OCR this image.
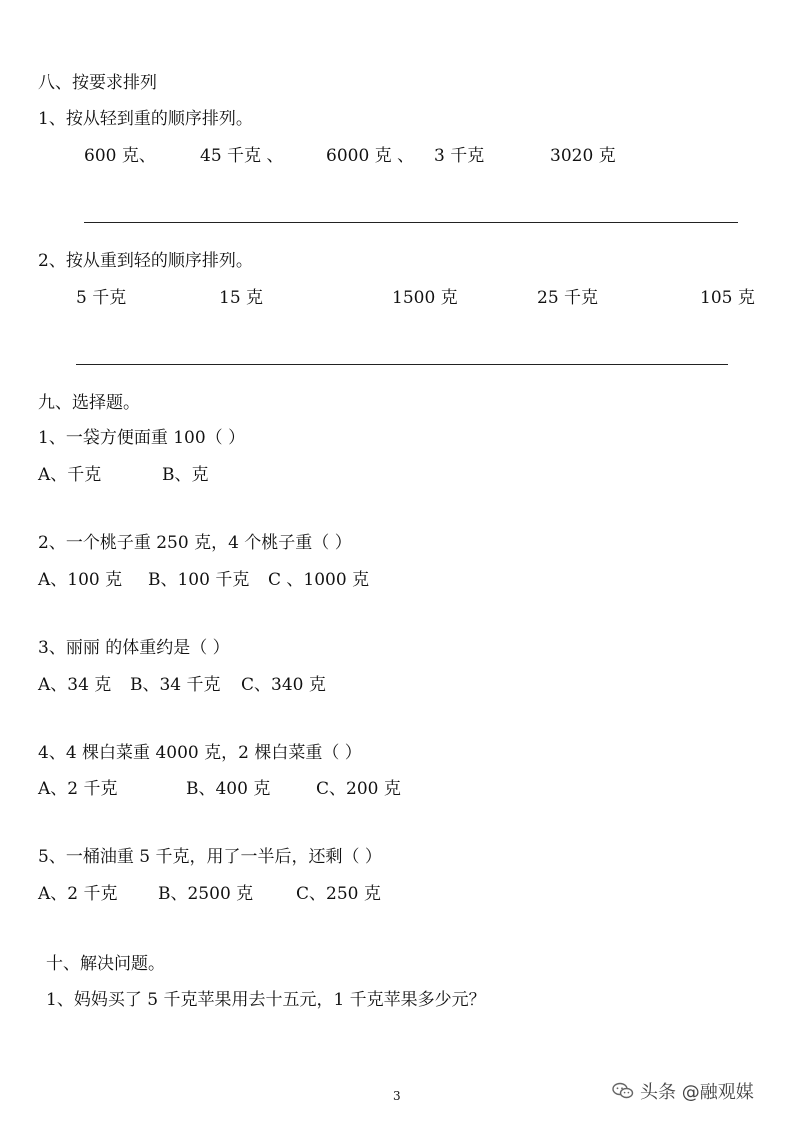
八、按要求排列
1、按从轻到重的顺序排列。
600 克、	45 千克 、	6000 克 、 3 千克	3020 克
2、按从重到轻的顺序排列。
5 千克	15 克	1500 克	25 千克	105 克
九、选择题。
1、一袋方便面重 100（ ）
A、千克	B、克
2、一个桃子重 250 克，4 个桃子重（ ）
A、100 克 B、100 千克 C 、1000 克
3、丽丽 的体重约是（ ）
A、34 克 B、34 千克 C、340 克
4、4 棵白菜重 4000 克，2 棵白菜重（ ）
A、2 千克	B、400 克	C、200 克
5、一桶油重 5 千克，用了一半后，还剩（ ）
A、2 千克 B、2500 克	C、250 克
十、解决问题。
1、妈妈买了 5 千克苹果用去十五元，1 千克苹果多少元？
3	头条 @融观媒
